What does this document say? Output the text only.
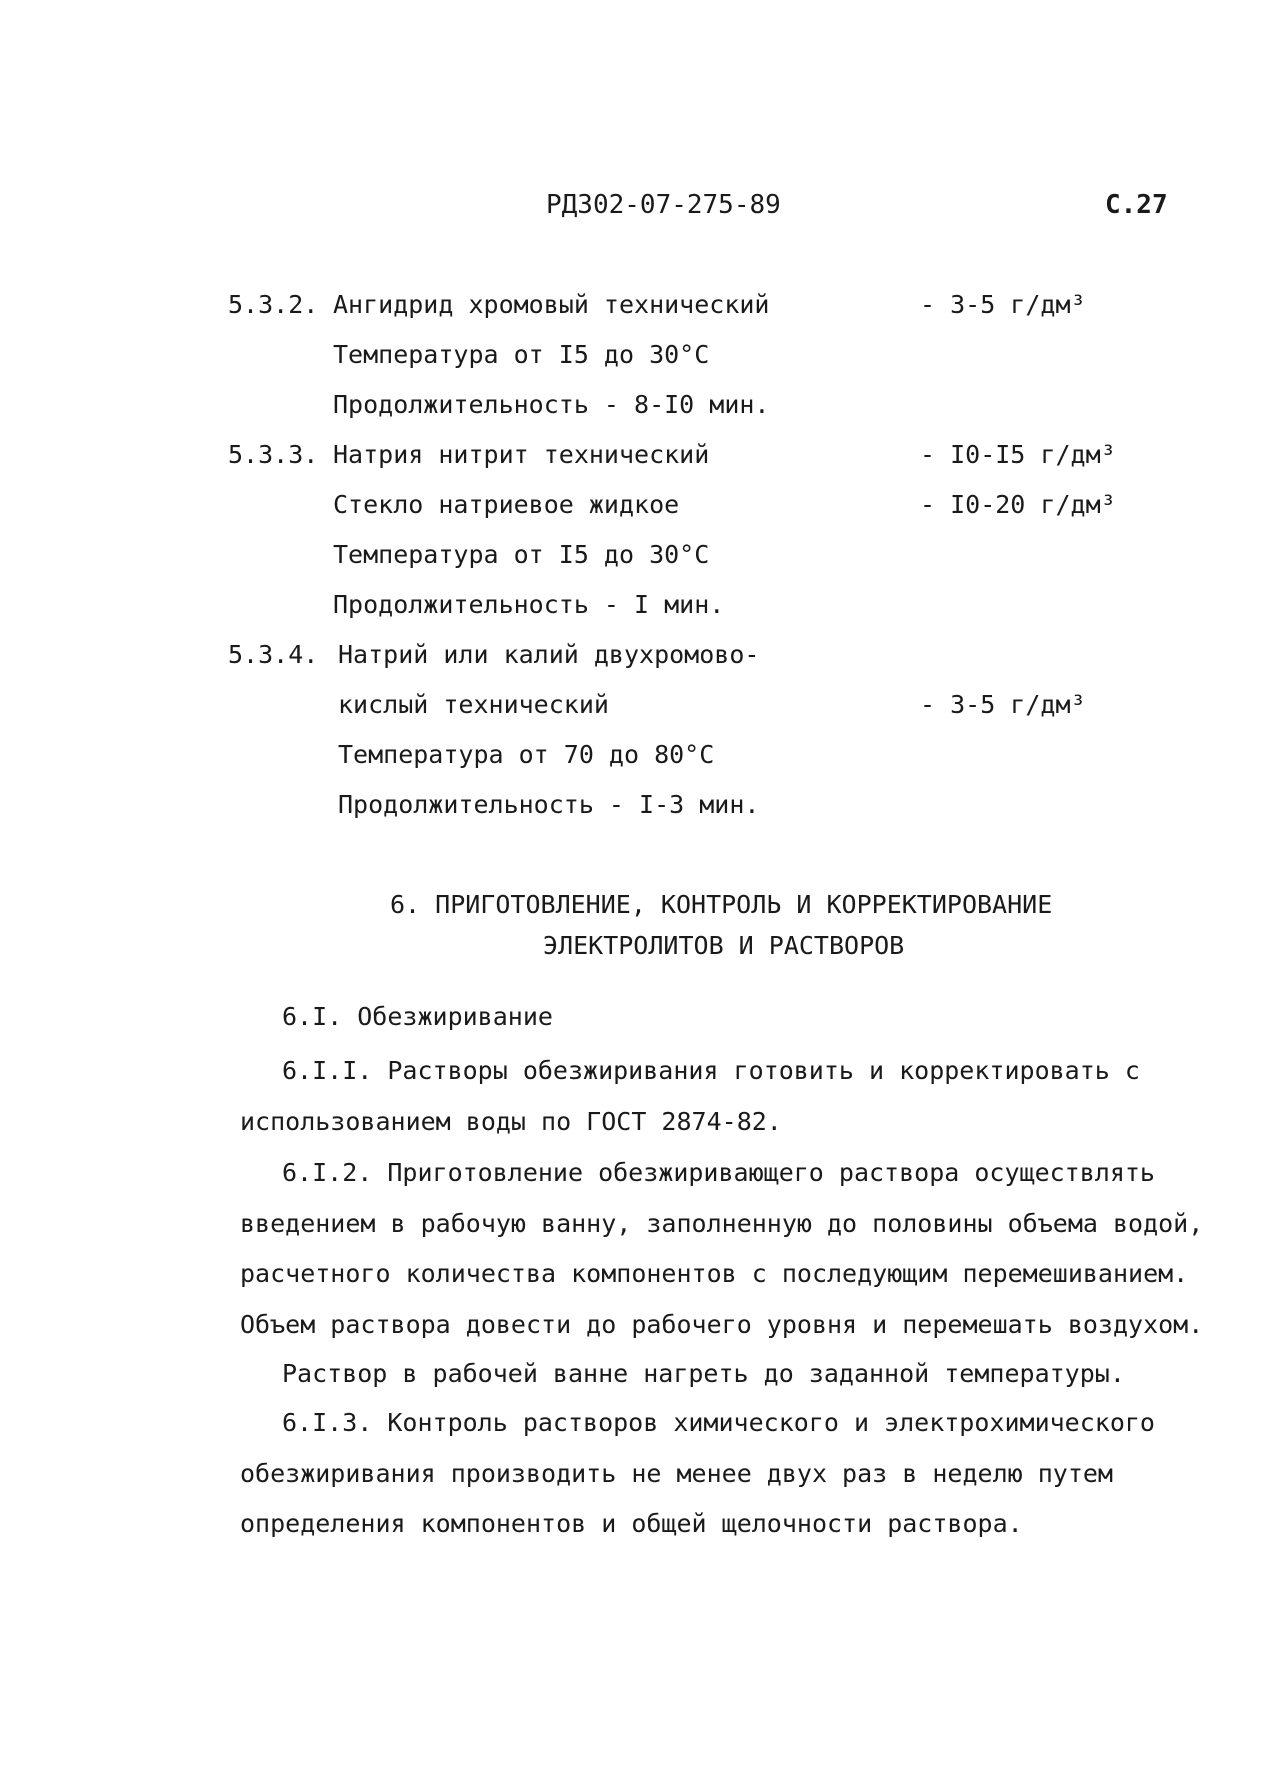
РД302-07-275-89	С.27
5.3.2. Ангидрид хромовый технический	- 3-5 г/дм³
Температура от I5 до 30°С
Продолжительность - 8-I0 мин.
5.3.3. Натрия нитрит технический	- I0-I5 г/дм³
Стекло натриевое жидкое	- I0-20 г/дм³
Температура от I5 до 30°С
Продолжительность - I мин.
5.3.4. Натрий или калий двухромово-
кислый технический	- 3-5 г/дм³
Температура от 70 до 80°С
Продолжительность - I-3 мин.
6. ПРИГОТОВЛЕНИЕ, КОНТРОЛЬ И КОРРЕКТИРОВАНИЕ
ЭЛЕКТРОЛИТОВ И РАСТВОРОВ
6.I. Обезжиривание
6.I.I. Растворы обезжиривания готовить и корректировать с использованием воды по ГОСТ 2874-82.
6.I.2. Приготовление обезжиривающего раствора осуществлять введением в рабочую ванну, заполненную до половины объема водой, расчетного количества компонентов с последующим перемешиванием. Объем раствора довести до рабочего уровня и перемешать воздухом.
Раствор в рабочей ванне нагреть до заданной температуры.
6.I.3. Контроль растворов химического и электрохимического обезжиривания производить не менее двух раз в неделю путем определения компонентов и общей щелочности раствора.
